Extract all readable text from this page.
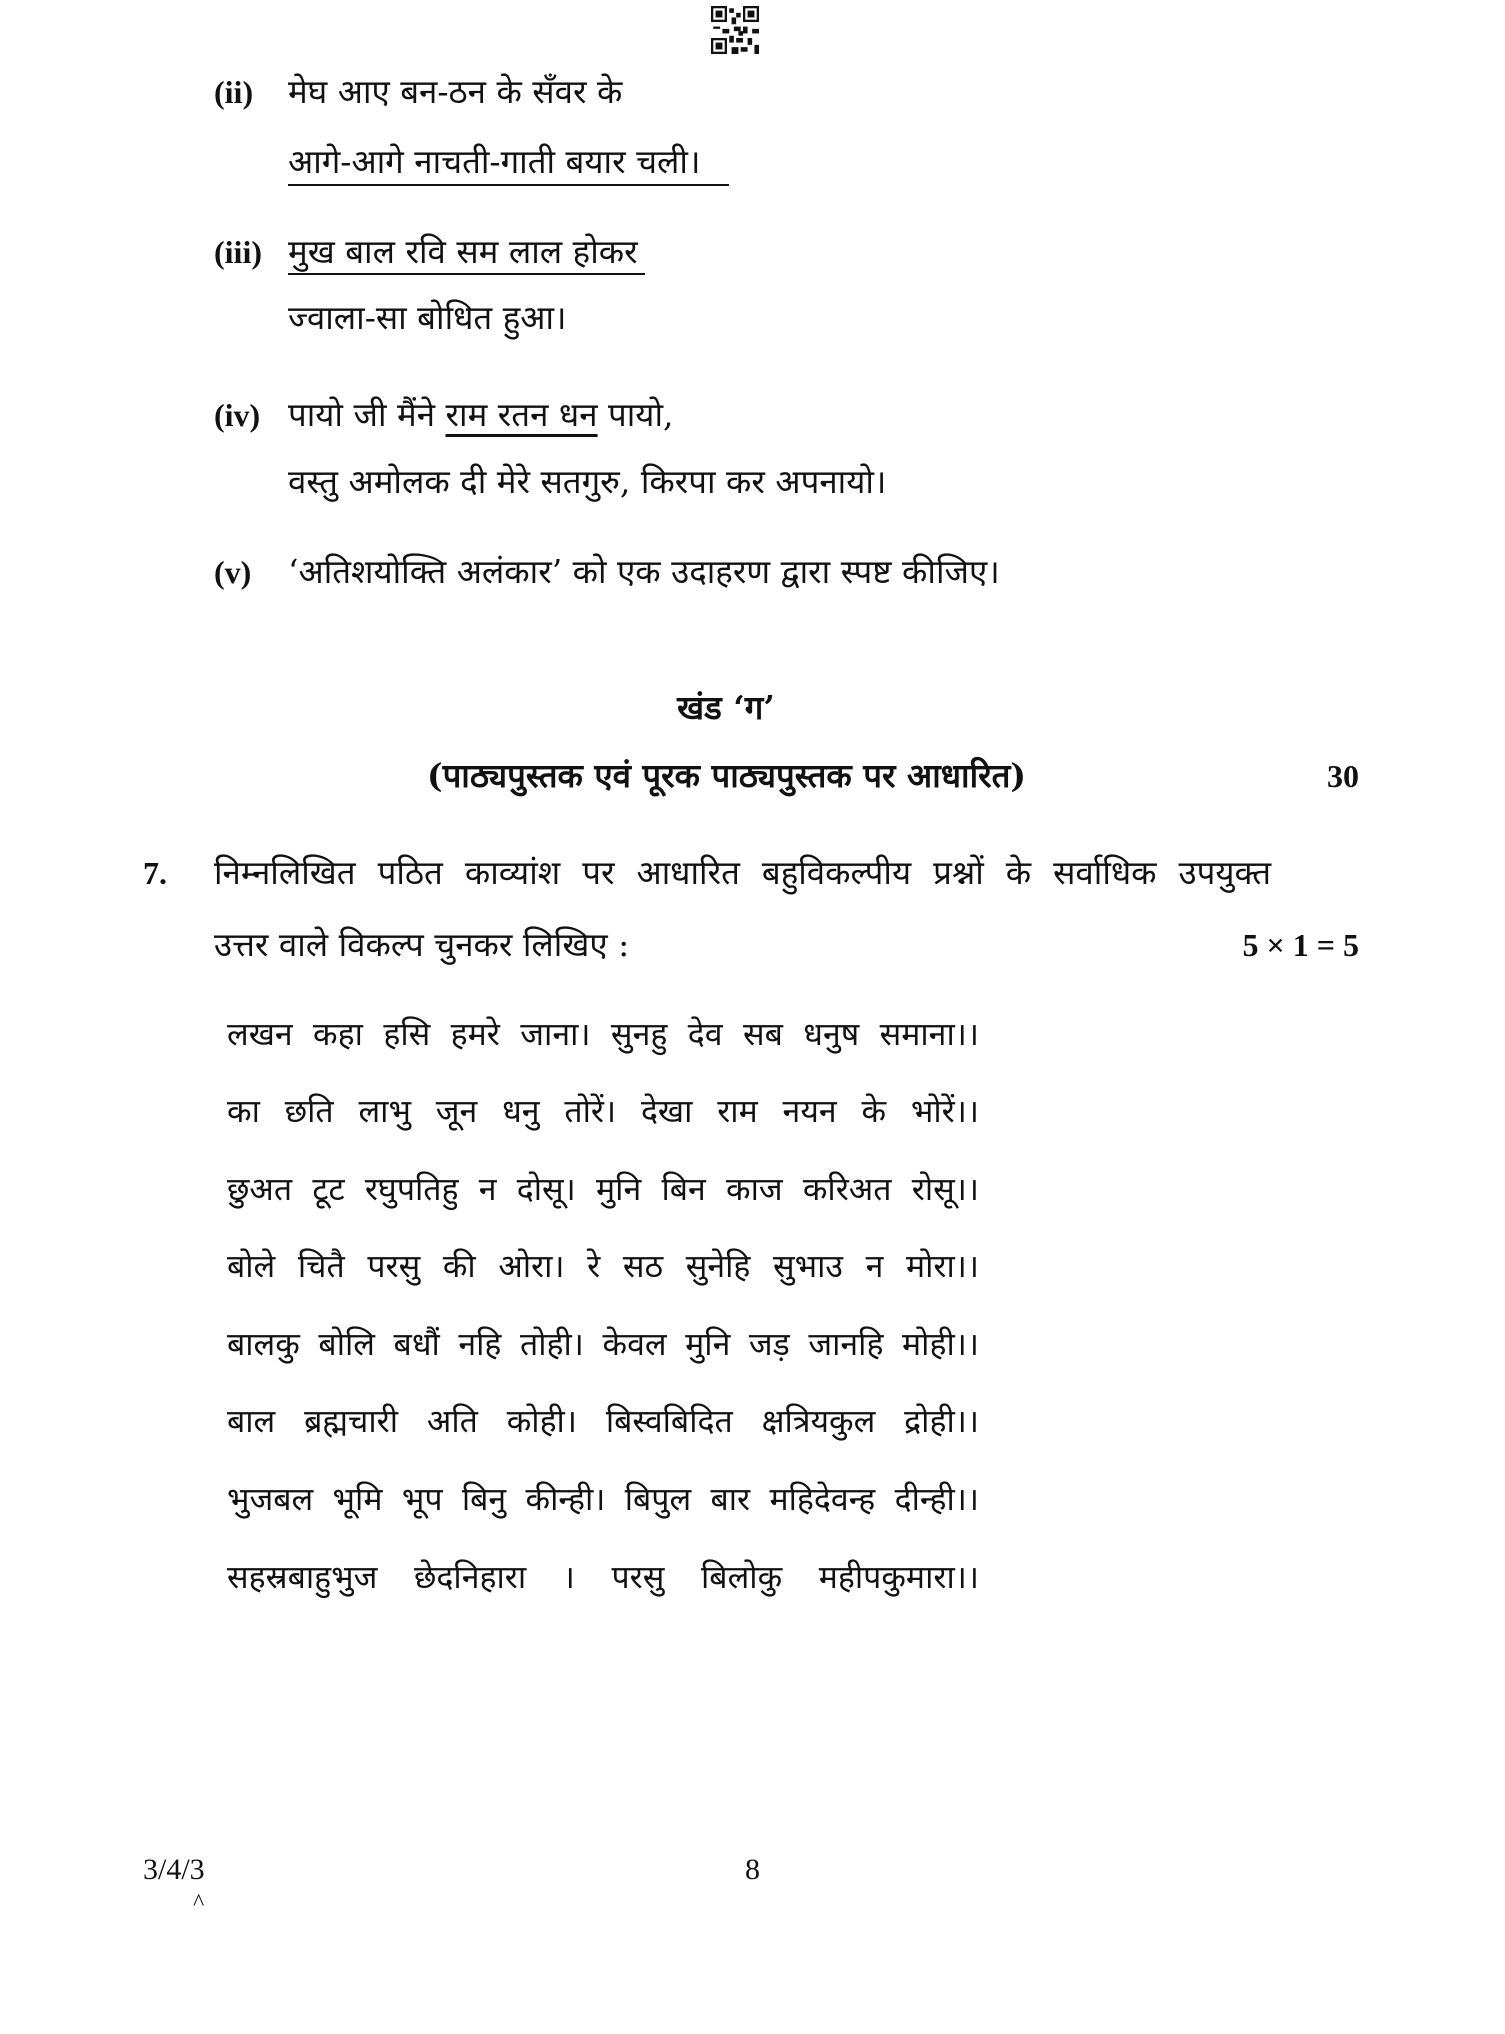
(ii) मेघ आए बन-ठन के सँवर के
आगे-आगे नाचती-गाती बयार चली।
(iii) मुख बाल रवि सम लाल होकर
ज्वाला-सा बोधित हुआ।
(iv) पायो जी मैंने राम रतन धन पायो,
वस्तु अमोलक दी मेरे सतगुरु, किरपा कर अपनायो।
(v) ‘अतिशयोक्ति अलंकार’ को एक उदाहरण द्वारा स्पष्ट कीजिए।
खंड ‘ग’
(पाठ्यपुस्तक एवं पूरक पाठ्यपुस्तक पर आधारित)	30
7. निम्नलिखित पठित काव्यांश पर आधारित बहुविकल्पीय प्रश्नों के सर्वाधिक उपयुक्त
उत्तर वाले विकल्प चुनकर लिखिए :	5 × 1 = 5
लखन कहा हसि हमरे जाना। सुनहु देव सब धनुष समाना।।
का छति लाभु जून धनु तोरें। देखा राम नयन के भोरें।।
छुअत टूट रघुपतिहु न दोसू। मुनि बिन काज करिअत रोसू।।
बोले चितै परसु की ओरा। रे सठ सुनेहि सुभाउ न मोरा।।
बालकु बोलि बधौं नहि तोही। केवल मुनि जड़ जानहि मोही।।
बाल ब्रह्मचारी अति कोही। बिस्वबिदित क्षत्रियकुल द्रोही।।
भुजबल भूमि भूप बिनु कीन्ही। बिपुल बार महिदेवन्ह दीन्ही।।
सहस्रबाहुभुज छेदनिहारा । परसु बिलोकु महीपकुमारा।।
3/4/3
^
8
